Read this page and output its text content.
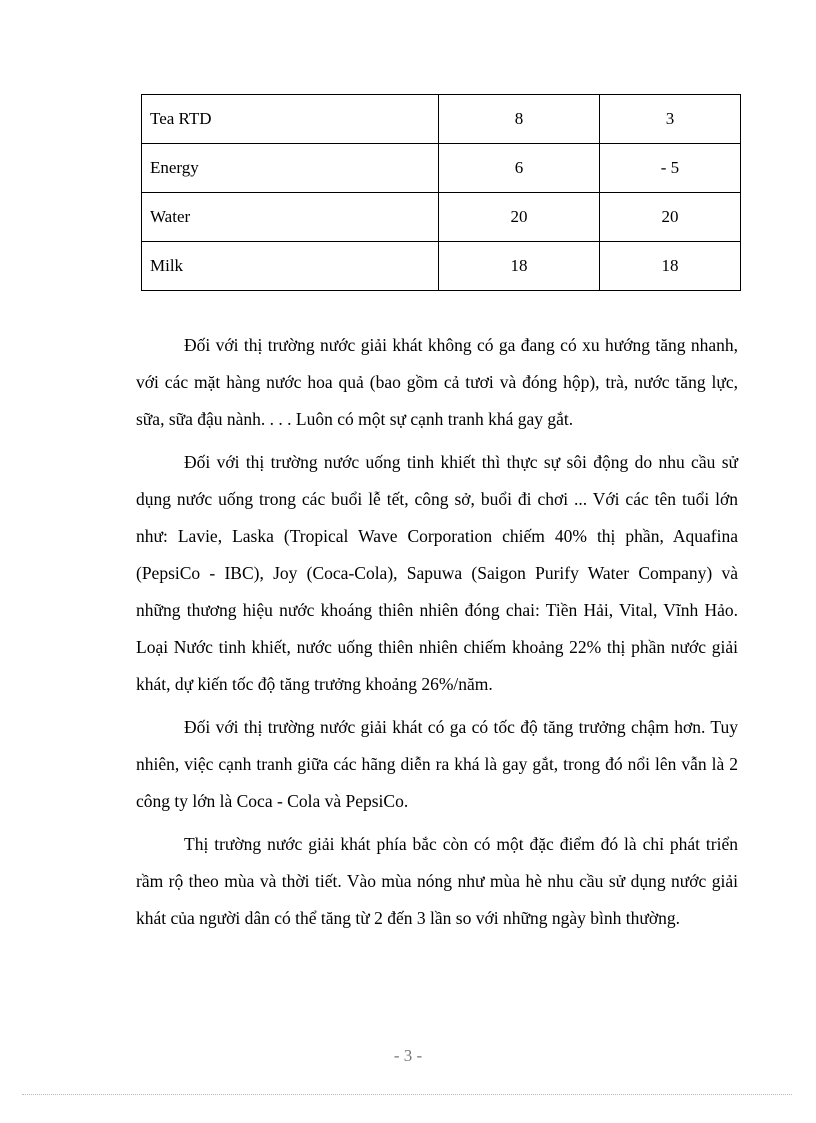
Tea RTD	8	3
Energy	6	- 5
Water	20	20
Milk	18	18

Đối với thị trường nước giải khát không có ga đang có xu hướng tăng nhanh, với các mặt hàng nước hoa quả (bao gồm cả tươi và đóng hộp), trà, nước tăng lực, sữa, sữa đậu nành. . . . Luôn có một sự cạnh tranh khá gay gắt.

Đối với thị trường nước uống tinh khiết thì thực sự sôi động do nhu cầu sử dụng nước uống trong các buổi lễ tết, công sở, buổi đi chơi ... Với các tên tuổi lớn như: Lavie, Laska (Tropical Wave Corporation chiếm 40% thị phần, Aquafina (PepsiCo - IBC), Joy (Coca-Cola), Sapuwa (Saigon Purify Water Company) và những thương hiệu nước khoáng thiên nhiên đóng chai: Tiền Hải, Vital, Vĩnh Hảo. Loại Nước tinh khiết, nước uống thiên nhiên chiếm khoảng 22% thị phần nước giải khát, dự kiến tốc độ tăng trưởng khoảng 26%/năm.

Đối với thị trường nước giải khát có ga có tốc độ tăng trưởng chậm hơn. Tuy nhiên, việc cạnh tranh giữa các hãng diễn ra khá là gay gắt, trong đó nổi lên vẫn là 2 công ty lớn là Coca - Cola và PepsiCo.

Thị trường nước giải khát phía bắc còn có một đặc điểm đó là chỉ phát triển rầm rộ theo mùa và thời tiết. Vào mùa nóng như mùa hè nhu cầu sử dụng nước giải khát của người dân có thể tăng từ 2 đến 3 lần so với những ngày bình thường.

- 3 -
